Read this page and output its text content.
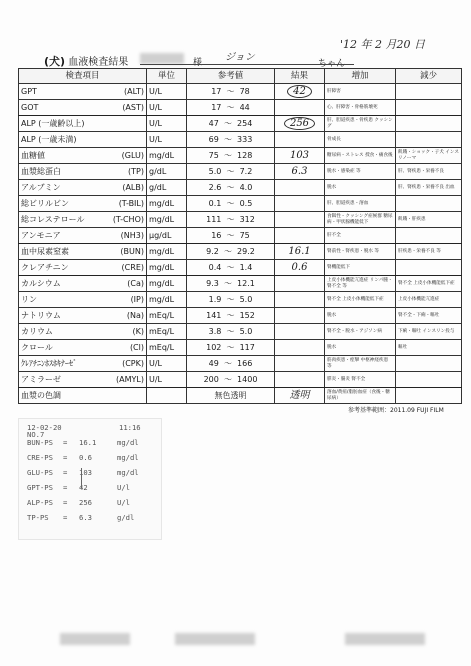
'12 年 2 月20 日
(犬) 血液検査結果	様 ジョン
ちゃん
検査項目	単位	参考値	結果	増加	減少
GPT (ALT)	U/L	17  ～  78	42	肝障害	
GOT (AST)	U/L	17  ～  44		心、肝障害・骨格筋壊死	
ALP (一歳齢以上)	U/L	47  ～  254	256	肝、胆道疾患・骨疾患 クッシング	
ALP (一歳未満)	U/L	69  ～  333		骨成長	
血糖値 (GLU)	mg/dL	75  ～  128	103	糖尿病・ストレス 授食・痛食後	飢餓・ショック・子犬 インスリノーマ
血漿総蛋白 (TP)	g/dL	5.0  ～  7.2	6.3	脱水・感染症 等	肝、腎疾患・栄養不良
アルブミン (ALB)	g/dL	2.6  ～  4.0		脱水	肝、腎疾患・栄養不良 出血
総ビリルビン (T-BIL)	mg/dL	0.1  ～  0.5		肝、胆道疾患・溶血	
総コレステロール (T-CHO)	mg/dL	111  ～  312		食餌性・クッシング症候群 糖尿病・甲状腺機能低下	飢餓・肝疾患
アンモニア (NH3)	μg/dL	16  ～  75		肝不全	
血中尿素窒素 (BUN)	mg/dL	9.2  ～  29.2	16.1	腎前性・腎疾患・脱水 等	肝疾患・栄養不良 等
クレアチニン (CRE)	mg/dL	0.4  ～  1.4	0.6	腎機能低下	
カルシウム (Ca)	mg/dL	9.3  ～  12.1		上皮小体機能亢進症 リンパ腫・腎不全 等	腎不全 上皮小体機能低下症
リン (IP)	mg/dL	1.9  ～  5.0		腎不全 上皮小体機能低下症	上皮小体機能亢進症
ナトリウム (Na)	mEq/L	141  ～  152		脱水	腎不全・下痢・嘔吐
カリウム (K)	mEq/L	3.8  ～  5.0		腎不全・脱水・アジソン病	下痢・嘔吐 インスリン投与
クロール (Cl)	mEq/L	102  ～  117		脱水	嘔吐
ｸﾚｱﾁﾆﾝﾎｽﾎｷﾅｰｾﾞ (CPK)	U/L	49  ～  166		筋肉疾患・痙攣 中枢神経疾患 等	
アミラーゼ (AMYL)	U/L	200  ～  1400		膵炎・腸炎 腎不全	
血漿の色調		無色透明	透明	溶血/黄疸/脂肪血症（食後・糖尿病）	
参考基準範囲：2011.09 FUJI FILM
12-02-20	11:16
NO.7
BUN-PS = 16.1	mg/dl
CRE-PS = 0.6	mg/dl
GLU-PS = 103	mg/dl
GPT-PS = 42	U/l
ALP-PS = 256	U/l
TP-PS = 6.3	g/dl
